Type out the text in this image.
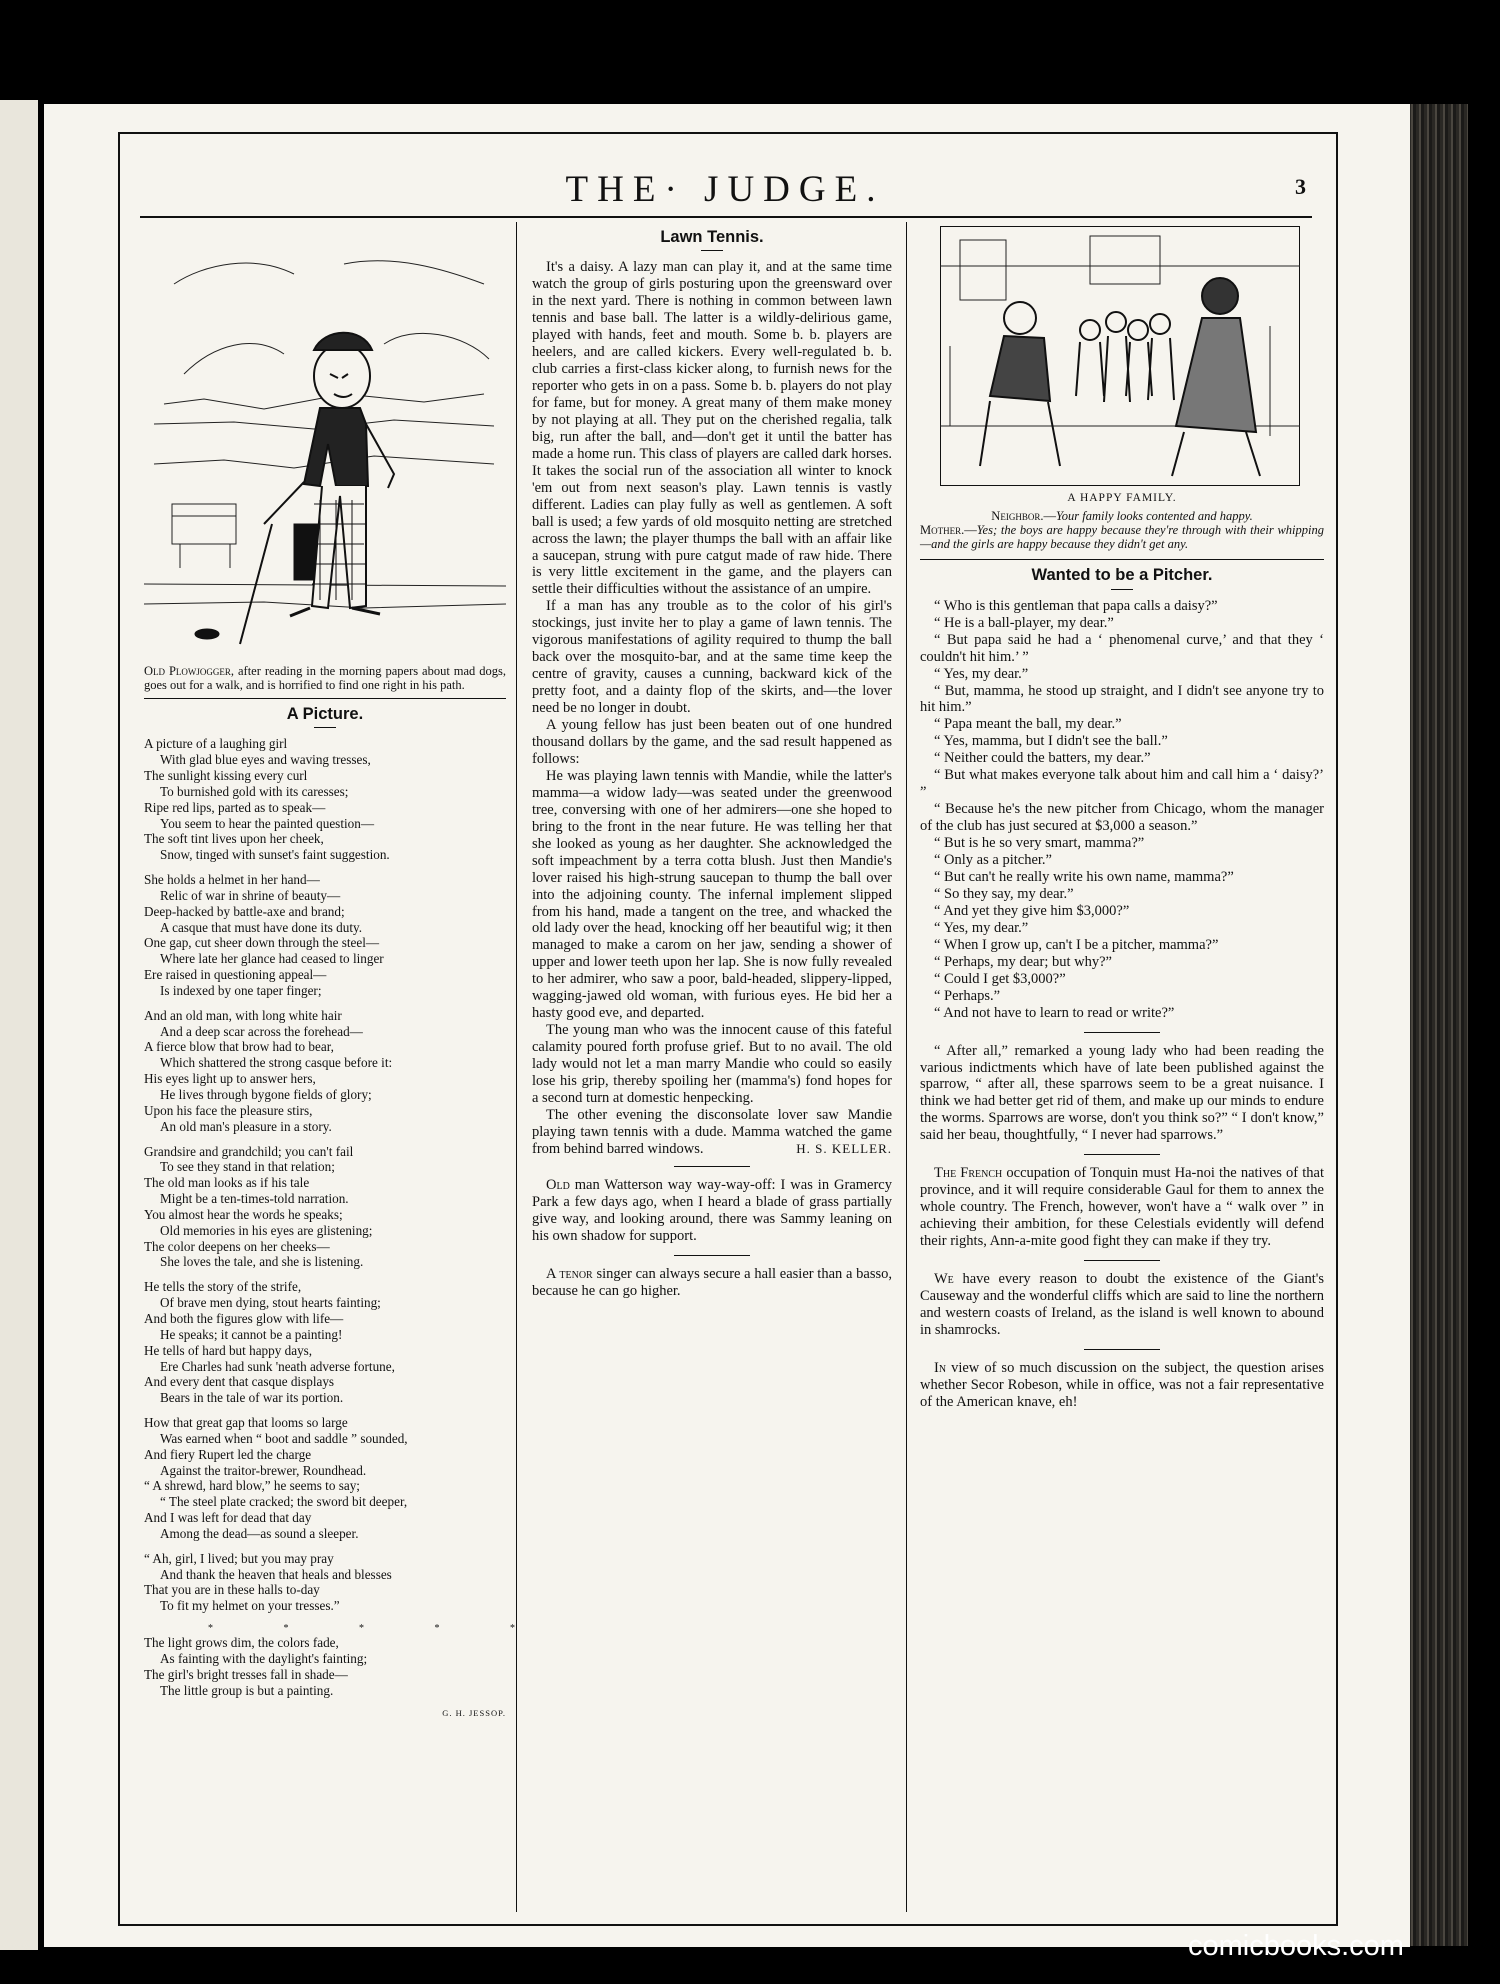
THE· JUDGE.	3
Old Plowjogger, after reading in the morning papers about mad dogs, goes out for a walk, and is horrified to find one right in his path.
A Picture.
A picture of a laughing girl
With glad blue eyes and waving tresses,
The sunlight kissing every curl
To burnished gold with its caresses;
Ripe red lips, parted as to speak—
You seem to hear the painted question—
The soft tint lives upon her cheek,
Snow, tinged with sunset's faint suggestion.
She holds a helmet in her hand—
Relic of war in shrine of beauty—
Deep-hacked by battle-axe and brand;
A casque that must have done its duty.
One gap, cut sheer down through the steel—
Where late her glance had ceased to linger
Ere raised in questioning appeal—
Is indexed by one taper finger;
And an old man, with long white hair
And a deep scar across the forehead—
A fierce blow that brow had to bear,
Which shattered the strong casque before it:
His eyes light up to answer hers,
He lives through bygone fields of glory;
Upon his face the pleasure stirs,
An old man's pleasure in a story.
Grandsire and grandchild; you can't fail
To see they stand in that relation;
The old man looks as if his tale
Might be a ten-times-told narration.
You almost hear the words he speaks;
Old memories in his eyes are glistening;
The color deepens on her cheeks—
She loves the tale, and she is listening.
He tells the story of the strife,
Of brave men dying, stout hearts fainting;
And both the figures glow with life—
He speaks; it cannot be a painting!
He tells of hard but happy days,
Ere Charles had sunk 'neath adverse fortune,
And every dent that casque displays
Bears in the tale of war its portion.
How that great gap that looms so large
Was earned when “ boot and saddle ” sounded,
And fiery Rupert led the charge
Against the traitor-brewer, Roundhead.
“ A shrewd, hard blow,” he seems to say;
“ The steel plate cracked; the sword bit deeper,
And I was left for dead that day
Among the dead—as sound a sleeper.
“ Ah, girl, I lived; but you may pray
And thank the heaven that heals and blesses
That you are in these halls to-day
To fit my helmet on your tresses.”
* * * * *
The light grows dim, the colors fade,
As fainting with the daylight's fainting;
The girl's bright tresses fall in shade—
The little group is but a painting.
G. H. JESSOP.
Lawn Tennis.

It's a daisy. A lazy man can play it, and at the same time watch the group of girls posturing upon the greensward over in the next yard. There is nothing in common between lawn tennis and base ball. The latter is a wildly-delirious game, played with hands, feet and mouth. Some b. b. players are heelers, and are called kickers. Every well-regulated b. b. club carries a first-class kicker along, to furnish news for the reporter who gets in on a pass. Some b. b. players do not play for fame, but for money. A great many of them make money by not playing at all. They put on the cherished regalia, talk big, run after the ball, and—don't get it until the batter has made a home run. This class of players are called dark horses. It takes the social run of the association all winter to knock 'em out from next season's play. Lawn tennis is vastly different. Ladies can play fully as well as gentlemen. A soft ball is used; a few yards of old mosquito netting are stretched across the lawn; the player thumps the ball with an affair like a saucepan, strung with pure catgut made of raw hide. There is very little excitement in the game, and the players can settle their difficulties without the assistance of an umpire.

If a man has any trouble as to the color of his girl's stockings, just invite her to play a game of lawn tennis. The vigorous manifestations of agility required to thump the ball back over the mosquito-bar, and at the same time keep the centre of gravity, causes a cunning, backward kick of the pretty foot, and a dainty flop of the skirts, and—the lover need be no longer in doubt.

A young fellow has just been beaten out of one hundred thousand dollars by the game, and the sad result happened as follows:

He was playing lawn tennis with Mandie, while the latter's mamma—a widow lady—was seated under the greenwood tree, conversing with one of her admirers—one she hoped to bring to the front in the near future. He was telling her that she looked as young as her daughter. She acknowledged the soft impeachment by a terra cotta blush. Just then Mandie's lover raised his high-strung saucepan to thump the ball over into the adjoining county. The infernal implement slipped from his hand, made a tangent on the tree, and whacked the old lady over the head, knocking off her beautiful wig; it then managed to make a carom on her jaw, sending a shower of upper and lower teeth upon her lap. She is now fully revealed to her admirer, who saw a poor, bald-headed, slippery-lipped, wagging-jawed old woman, with furious eyes. He bid her a hasty good eve, and departed.

The young man who was the innocent cause of this fateful calamity poured forth profuse grief. But to no avail. The old lady would not let a man marry Mandie who could so easily lose his grip, thereby spoiling her (mamma's) fond hopes for a second turn at domestic henpecking.

The other evening the disconsolate lover saw Mandie playing tawn tennis with a dude. Mamma watched the game from behind barred windows.	H. S. KELLER.

Old man Watterson way way-way-off: I was in Gramercy Park a few days ago, when I heard a blade of grass partially give way, and looking around, there was Sammy leaning on his own shadow for support.

A tenor singer can always secure a hall easier than a basso, because he can go higher.

A HAPPY FAMILY.
Neighbor.—Your family looks contented and happy.
Mother.—Yes; the boys are happy because they're through with their whipping—and the girls are happy because they didn't get any.
Wanted to be a Pitcher.

“ Who is this gentleman that papa calls a daisy?”

“ He is a ball-player, my dear.”

“ But papa said he had a ‘ phenomenal curve,’ and that they ‘ couldn't hit him.’ ”

“ Yes, my dear.”

“ But, mamma, he stood up straight, and I didn't see anyone try to hit him.”

“ Papa meant the ball, my dear.”

“ Yes, mamma, but I didn't see the ball.”

“ Neither could the batters, my dear.”

“ But what makes everyone talk about him and call him a ‘ daisy?’ ”

“ Because he's the new pitcher from Chicago, whom the manager of the club has just secured at $3,000 a season.”

“ But is he so very smart, mamma?”

“ Only as a pitcher.”

“ But can't he really write his own name, mamma?”

“ So they say, my dear.”

“ And yet they give him $3,000?”

“ Yes, my dear.”

“ When I grow up, can't I be a pitcher, mamma?”

“ Perhaps, my dear; but why?”

“ Could I get $3,000?”

“ Perhaps.”

“ And not have to learn to read or write?”

“ After all,” remarked a young lady who had been reading the various indictments which have of late been published against the sparrow, “ after all, these sparrows seem to be a great nuisance. I think we had better get rid of them, and make up our minds to endure the worms. Sparrows are worse, don't you think so?” “ I don't know,” said her beau, thoughtfully, “ I never had sparrows.”

The French occupation of Tonquin must Ha-noi the natives of that province, and it will require considerable Gaul for them to annex the whole country. The French, however, won't have a “ walk over ” in achieving their ambition, for these Celestials evidently will defend their rights, Ann-a-mite good fight they can make if they try.

We have every reason to doubt the existence of the Giant's Causeway and the wonderful cliffs which are said to line the northern and western coasts of Ireland, as the island is well known to abound in shamrocks.

In view of so much discussion on the subject, the question arises whether Secor Robeson, while in office, was not a fair representative of the American knave, eh!

comicbooks.com
